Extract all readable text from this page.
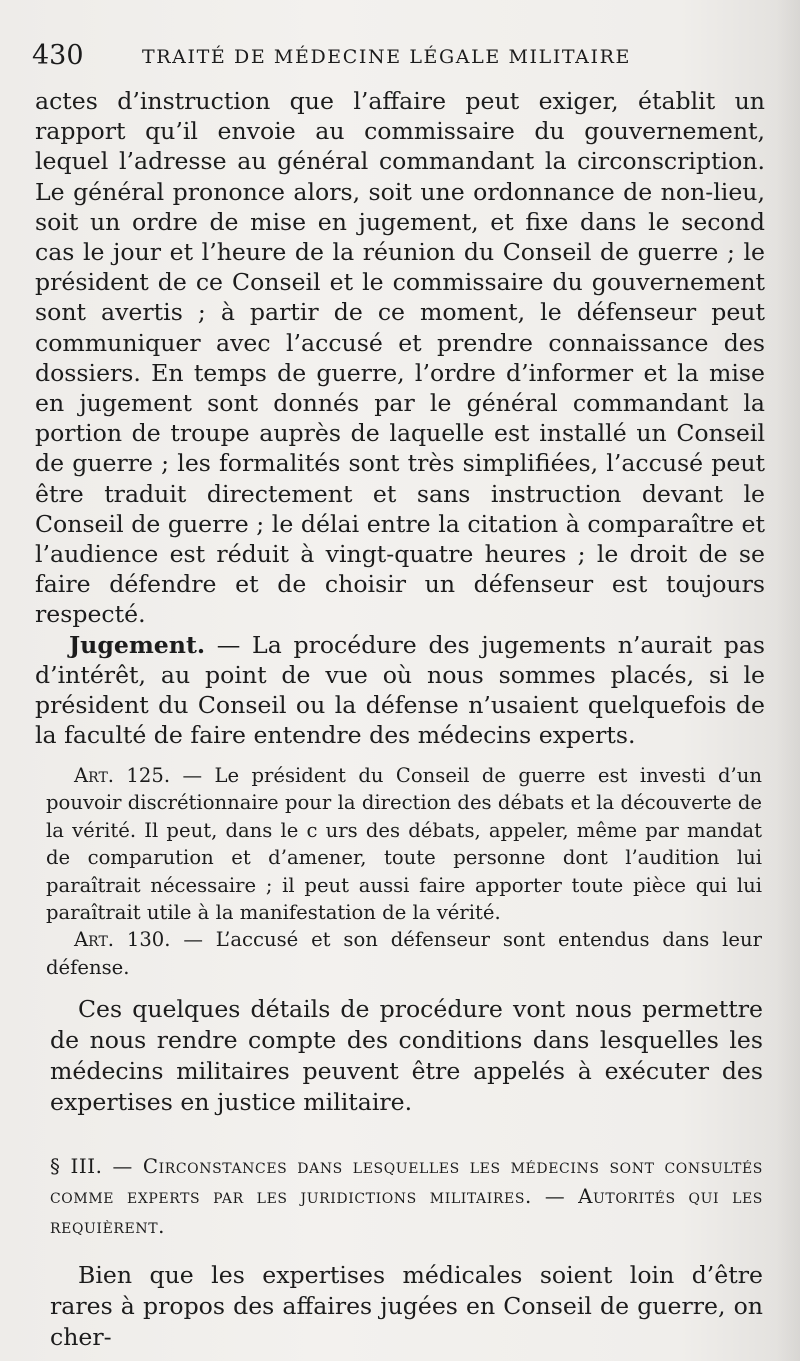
430	TRAITÉ DE MÉDECINE LÉGALE MILITAIRE

actes d’instruction que l’affaire peut exiger, établit un rapport qu’il envoie au commissaire du gouvernement, lequel l’adresse au général commandant la circonscription. Le général prononce alors, soit une ordonnance de non-lieu, soit un ordre de mise en jugement, et fixe dans le second cas le jour et l’heure de la réunion du Conseil de guerre ; le président de ce Conseil et le commissaire du gouvernement sont avertis ; à partir de ce moment, le défenseur peut communiquer avec l’accusé et prendre connaissance des dossiers. En temps de guerre, l’ordre d’informer et la mise en jugement sont donnés par le général commandant la portion de troupe auprès de laquelle est installé un Conseil de guerre ; les formalités sont très simplifiées, l’accusé peut être traduit directement et sans instruction devant le Conseil de guerre ; le délai entre la citation à comparaître et l’audience est réduit à vingt-quatre heures ; le droit de se faire défendre et de choisir un défenseur est toujours respecté.

Jugement. — La procédure des jugements n’aurait pas d’intérêt, au point de vue où nous sommes placés, si le président du Conseil ou la défense n’usaient quelquefois de la faculté de faire entendre des médecins experts.

Art. 125. — Le président du Conseil de guerre est investi d’un pouvoir discrétionnaire pour la direction des débats et la découverte de la vérité. Il peut, dans le c urs des débats, appeler, même par mandat de comparution et d’amener, toute personne dont l’audition lui paraîtrait nécessaire ; il peut aussi faire apporter toute pièce qui lui paraîtrait utile à la manifestation de la vérité.

Art. 130. — L’accusé et son défenseur sont entendus dans leur défense.

Ces quelques détails de procédure vont nous permettre de nous rendre compte des conditions dans lesquelles les médecins militaires peuvent être appelés à exécuter des expertises en justice militaire.

§ III. — Circonstances dans lesquelles les médecins sont consultés comme experts par les juridictions militaires. — Autorités qui les requièrent.

Bien que les expertises médicales soient loin d’être rares à propos des affaires jugées en Conseil de guerre, on cher-
